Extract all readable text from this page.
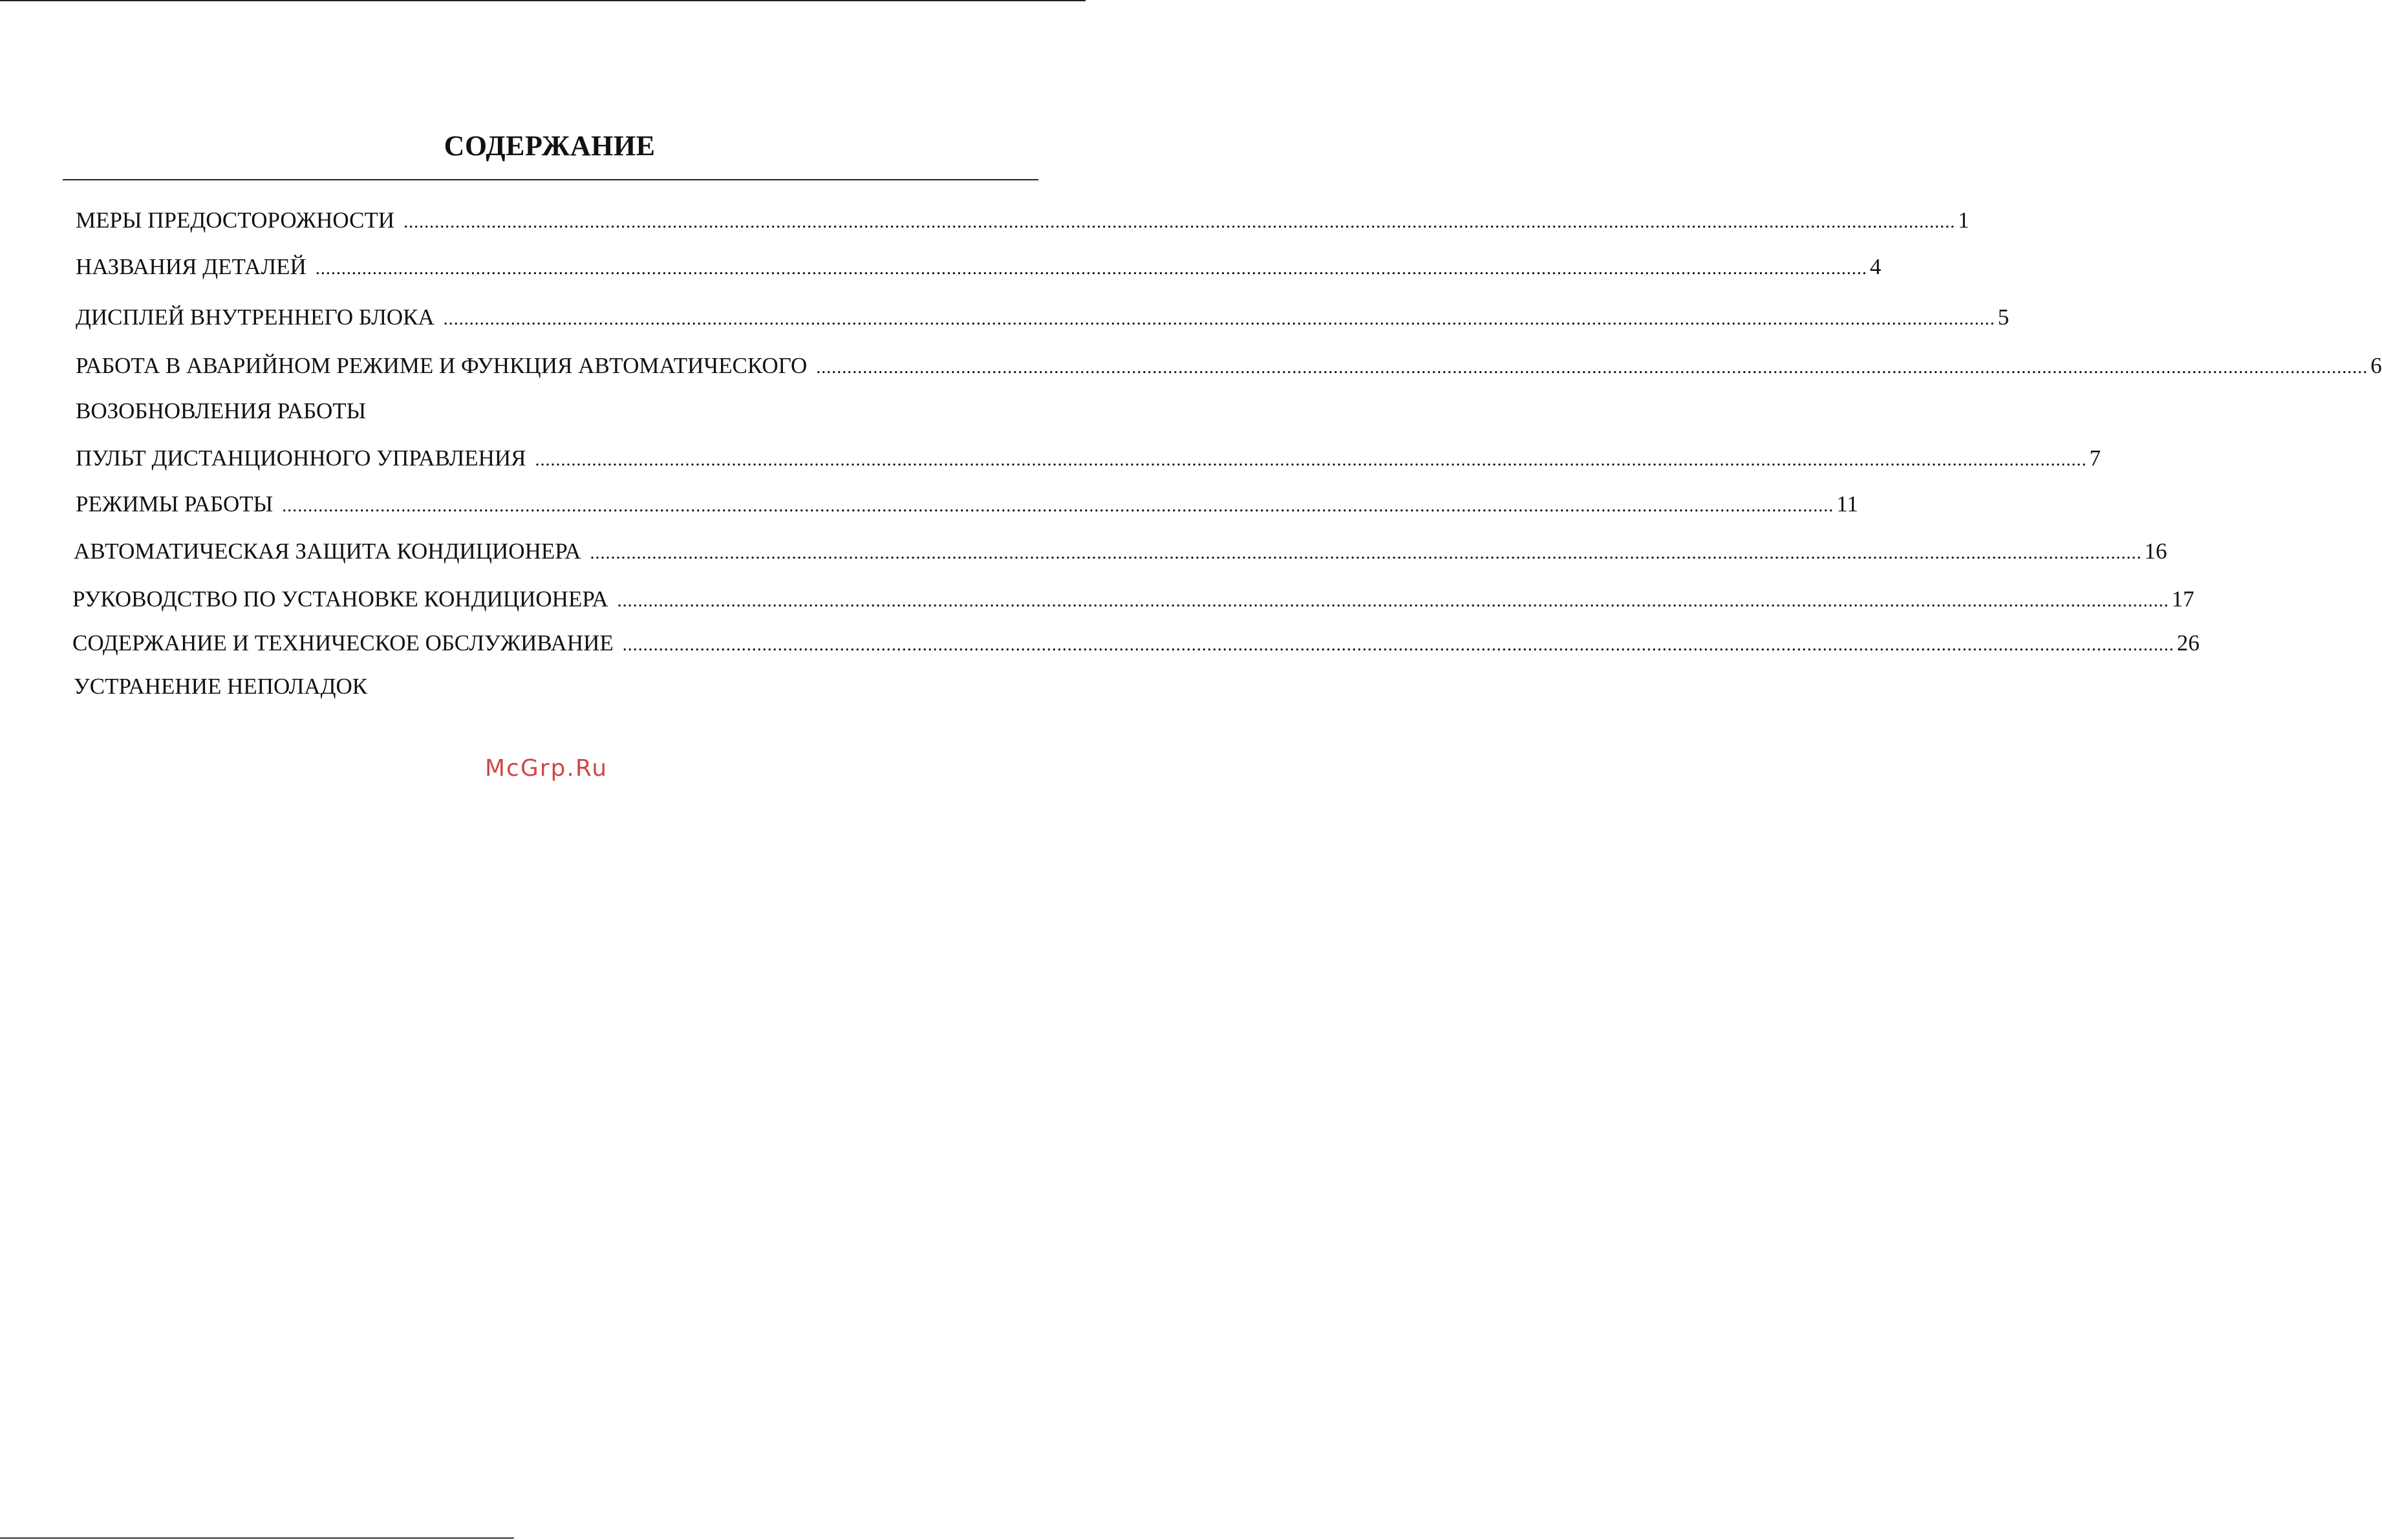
СОДЕРЖАНИЕ
МЕРЫ ПРЕДОСТОРОЖНОСТИ ............................................................................................................................................................................................................................................................................................................ 1
НАЗВАНИЯ ДЕТАЛЕЙ ............................................................................................................................................................................................................................................................................................................ 4
ДИСПЛЕЙ ВНУТРЕННЕГО БЛОКА ............................................................................................................................................................................................................................................................................................................ 5
РАБОТА В АВАРИЙНОМ РЕЖИМЕ И ФУНКЦИЯ АВТОМАТИЧЕСКОГО ............................................................................................................................................................................................................................................................................................................ 6
ВОЗОБНОВЛЕНИЯ РАБОТЫ
ПУЛЬТ ДИСТАНЦИОННОГО УПРАВЛЕНИЯ ............................................................................................................................................................................................................................................................................................................ 7
РЕЖИМЫ РАБОТЫ ............................................................................................................................................................................................................................................................................................................ 11
АВТОМАТИЧЕСКАЯ ЗАЩИТА КОНДИЦИОНЕРА ............................................................................................................................................................................................................................................................................................................ 16
РУКОВОДСТВО ПО УСТАНОВКЕ КОНДИЦИОНЕРА ............................................................................................................................................................................................................................................................................................................ 17
СОДЕРЖАНИЕ И ТЕХНИЧЕСКОЕ ОБСЛУЖИВАНИЕ ............................................................................................................................................................................................................................................................................................................ 26
УСТРАНЕНИЕ НЕПОЛАДОК
McGrp.Ru
